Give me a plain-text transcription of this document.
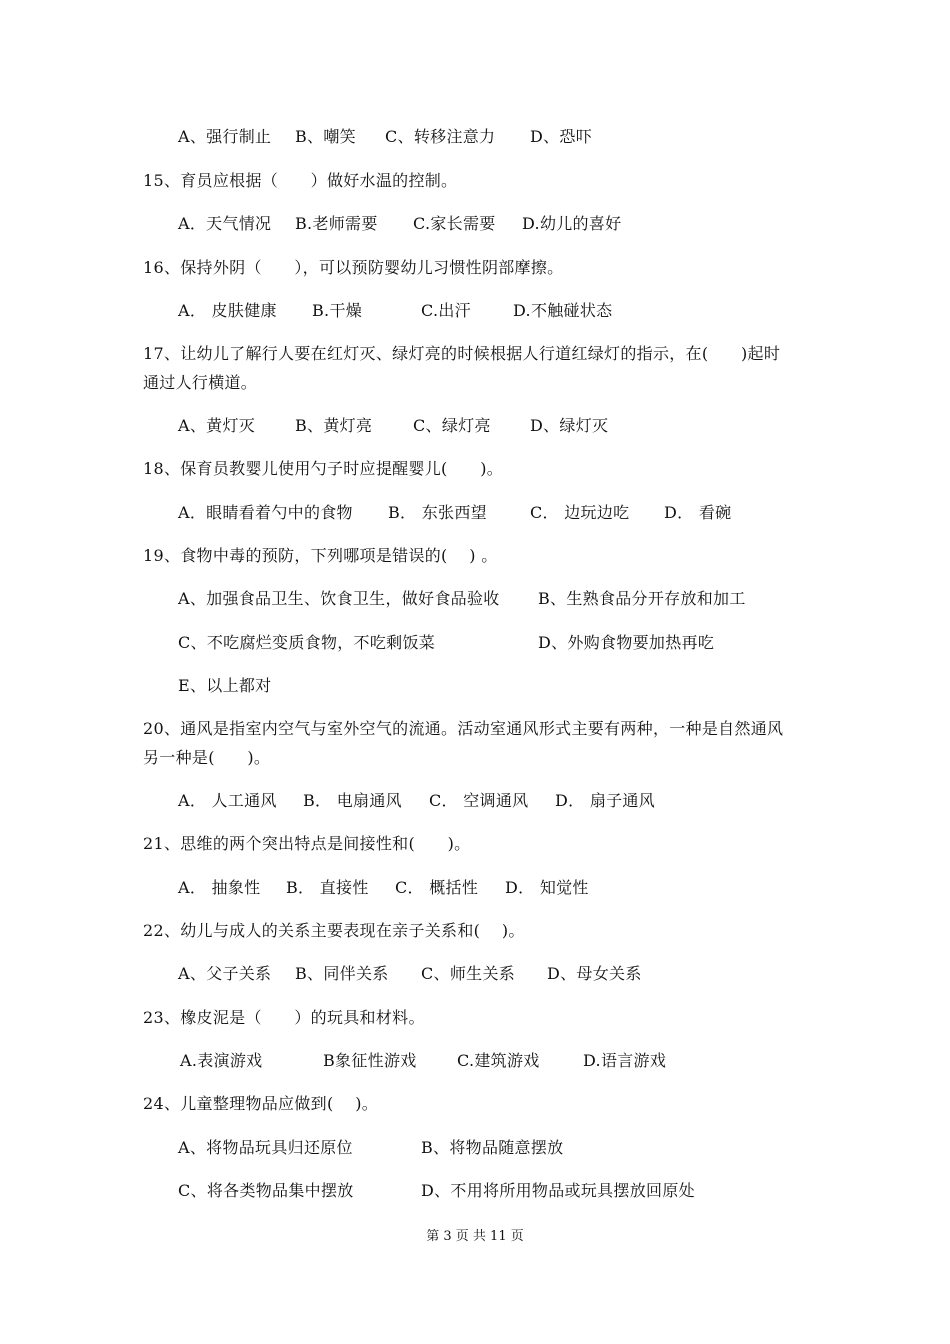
A、强行制止 B、嘲笑 C、转移注意力 D、恐吓
15、育员应根据（　　）做好水温的控制。
A．天气情况 B.老师需要 C.家长需要 D.幼儿的喜好
16、保持外阴（　　），可以预防婴幼儿习惯性阴部摩擦。
A． 皮肤健康 B.干燥	C.出汗	D.不触碰状态
17、让幼儿了解行人要在红灯灭、绿灯亮的时候根据人行道红绿灯的指示，在(　　)起时
通过人行横道。
A、黄灯灭 B、黄灯亮	C、绿灯亮 D、绿灯灭
18、保育员教婴儿使用勺子时应提醒婴儿(　　)。
A．眼睛看着勺中的食物 B． 东张西望	C． 边玩边吃 D． 看碗
19、食物中毒的预防，下列哪项是错误的(　 ) 。
A、加强食品卫生、饮食卫生，做好食品验收 B、生熟食品分开存放和加工
C、不吃腐烂变质食物，不吃剩饭菜	D、外购食物要加热再吃
E、以上都对
20、通风是指室内空气与室外空气的流通。活动室通风形式主要有两种，一种是自然通风
另一种是(　　)。
A． 人工通风 B． 电扇通风 C． 空调通风 D． 扇子通风
21、思维的两个突出特点是间接性和(　　)。
A． 抽象性 B． 直接性 C． 概括性 D． 知觉性
22、幼儿与成人的关系主要表现在亲子关系和(　 )。
A、父子关系 B、同伴关系 C、师生关系 D、母女关系
23、橡皮泥是（　　）的玩具和材料。
A.表演游戏	B象征性游戏	C.建筑游戏	D.语言游戏
24、儿童整理物品应做到(　 )。
A、将物品玩具归还原位	B、将物品随意摆放
C、将各类物品集中摆放	D、不用将所用物品或玩具摆放回原处
第 3 页 共 11 页
